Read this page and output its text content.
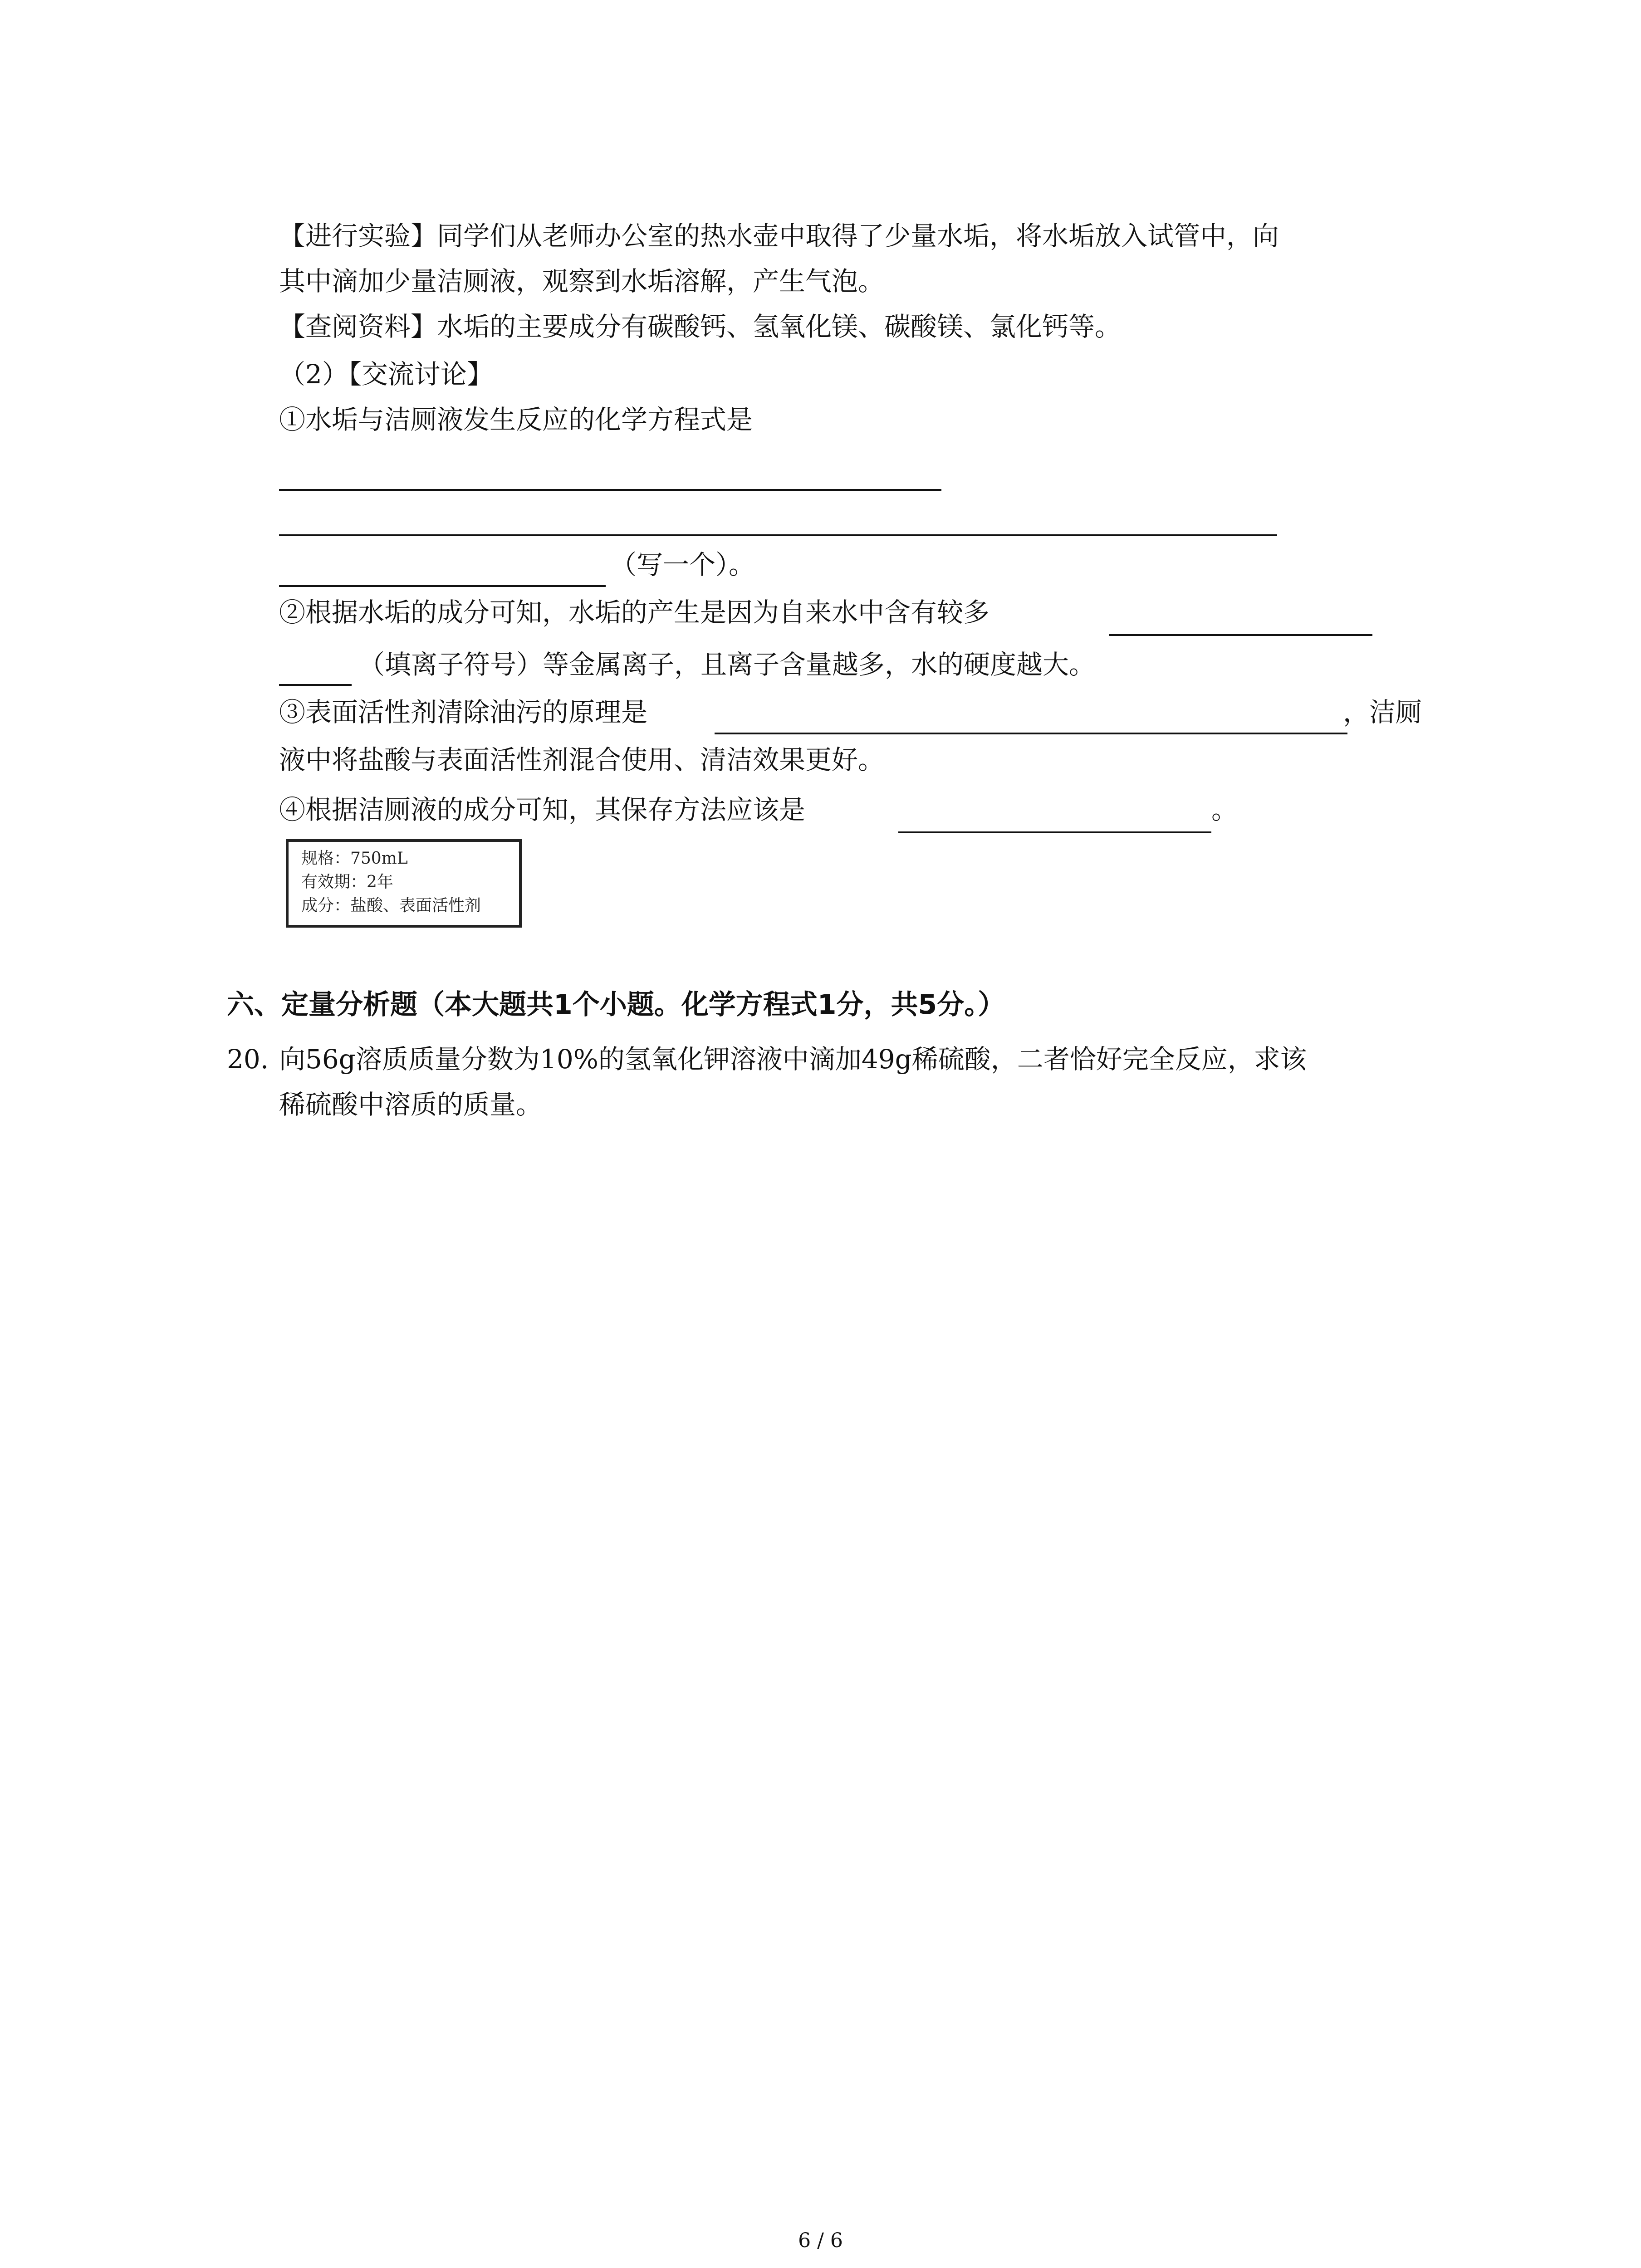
【进行实验】同学们从老师办公室的热水壶中取得了少量水垢，将水垢放入试管中，向
其中滴加少量洁厕液，观察到水垢溶解，产生气泡。
【查阅资料】水垢的主要成分有碳酸钙、氢氧化镁、碳酸镁、氯化钙等。
（2）【交流讨论】
①水垢与洁厕液发生反应的化学方程式是
（写一个）。
②根据水垢的成分可知，水垢的产生是因为自来水中含有较多
（填离子符号）等金属离子，且离子含量越多，水的硬度越大。
③表面活性剂清除油污的原理是	，洁厕
液中将盐酸与表面活性剂混合使用、清洁效果更好。
④根据洁厕液的成分可知，其保存方法应该是	。
规格：750mL
有效期：2年
成分：盐酸、表面活性剂
六、定量分析题（本大题共1个小题。化学方程式1分，共5分。）
20. 向56g溶质质量分数为10%的氢氧化钾溶液中滴加49g稀硫酸，二者恰好完全反应，求该
稀硫酸中溶质的质量。
6 / 6
